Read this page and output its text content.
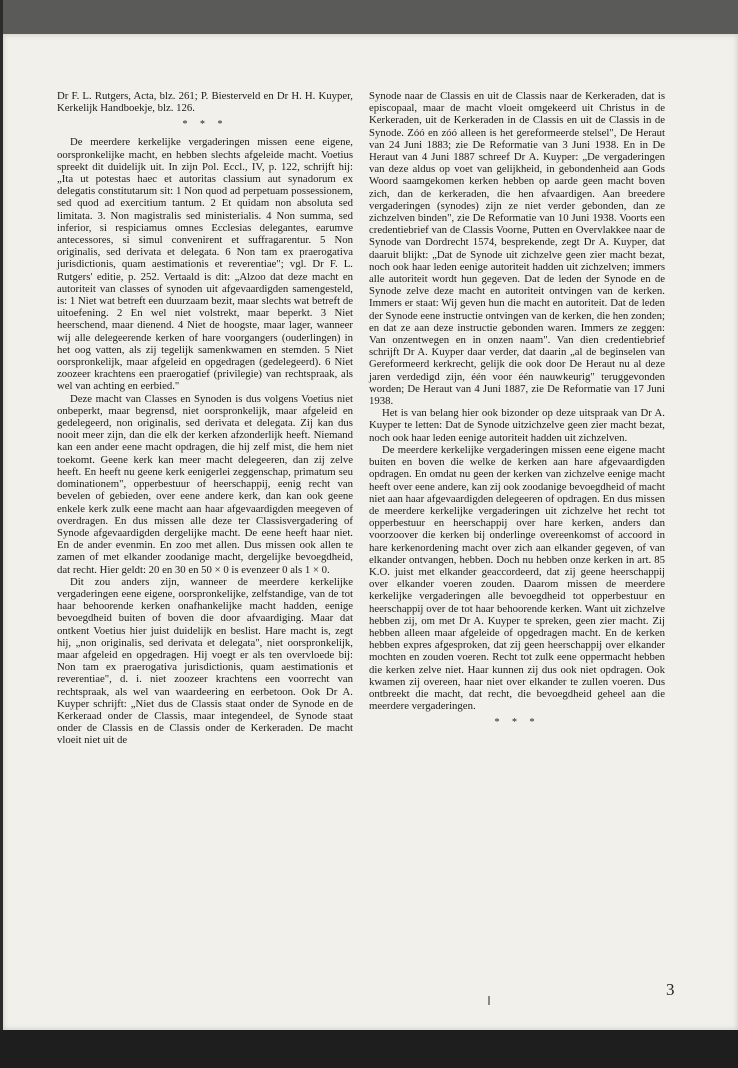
Dr F. L. Rutgers, Acta, blz. 261; P. Biesterveld en Dr H. H. Kuyper, Kerkelijk Handboekje, blz. 126.

* * *

De meerdere kerkelijke vergaderingen missen eene eigene, oorspronkelijke macht, en hebben slechts afgeleide macht. Voetius spreekt dit duidelijk uit. In zijn Pol. Eccl., IV, p. 122, schrijft hij: „Ita ut potestas haec et autoritas classium aut synadorum ex delegatis constitutarum sit: 1 Non quod ad perpetuam possessionem, sed quod ad exercitium tantum. 2 Et quidam non absoluta sed limitata. 3. Non magistralis sed ministerialis. 4 Non summa, sed inferior, si respiciamus omnes Ecclesias delegantes, earumve antecessores, si simul convenirent et suffragarentur. 5 Non originalis, sed derivata et delegata. 6 Non tam ex praerogativa jurisdictionis, quam aestimationis et reverentiae"; vgl. Dr F. L. Rutgers' editie, p. 252. Vertaald is dit: „Alzoo dat deze macht en autoriteit van classes of synoden uit afgevaardigden samengesteld, is: 1 Niet wat betreft een duurzaam bezit, maar slechts wat betreft de uitoefening. 2 En wel niet volstrekt, maar beperkt. 3 Niet heerschend, maar dienend. 4 Niet de hoogste, maar lager, wanneer wij alle delegeerende kerken of hare voorgangers (ouderlingen) in het oog vatten, als zij tegelijk samenkwamen en stemden. 5 Niet oorspronkelijk, maar afgeleid en opgedragen (gedelegeerd). 6 Niet zoozeer krachtens een praerogatief (privilegie) van rechtspraak, als wel van achting en eerbied."

Deze macht van Classes en Synoden is dus volgens Voetius niet onbeperkt, maar begrensd, niet oorspronkelijk, maar afgeleid en gedelegeerd, non originalis, sed derivata et delegata. Zij kan dus nooit meer zijn, dan die elk der kerken afzonderlijk heeft. Niemand kan een ander eene macht opdragen, die hij zelf mist, die hem niet toekomt. Geene kerk kan meer macht delegeeren, dan zij zelve heeft. En heeft nu geene kerk eenigerlei zeggenschap, primatum seu dominationem", opperbestuur of heerschappij, eenig recht van bevelen of gebieden, over eene andere kerk, dan kan ook geene enkele kerk zulk eene macht aan haar afgevaardigden meegeven of overdragen. En dus missen alle deze ter Classisvergadering of Synode afgevaardigden dergelijke macht. De eene heeft haar niet. En de ander evenmin. En zoo met allen. Dus missen ook allen te zamen of met elkander zoodanige macht, dergelijke bevoegdheid, dat recht. Hier geldt: 20 en 30 en 50 × 0 is evenzeer 0 als 1 × 0.

Dit zou anders zijn, wanneer de meerdere kerkelijke vergaderingen eene eigene, oorspronkelijke, zelfstandige, van de tot haar behoorende kerken onafhankelijke macht hadden, eenige bevoegdheid buiten of boven die door afvaardiging. Maar dat ontkent Voetius hier juist duidelijk en beslist. Hare macht is, zegt hij, „non originalis, sed derivata et delegata", niet oorspronkelijk, maar afgeleid en opgedragen. Hij voegt er als ten overvloede bij: Non tam ex praerogativa jurisdictionis, quam aestimationis et reverentiae", d. i. niet zoozeer krachtens een voorrecht van rechtspraak, als wel van waardeering en eerbetoon. Ook Dr A. Kuyper schrijft: „Niet dus de Classis staat onder de Synode en de Kerkeraad onder de Classis, maar integendeel, de Synode staat onder de Classis en de Classis onder de Kerkeraden. De macht vloeit niet uit de

Synode naar de Classis en uit de Classis naar de Kerkeraden, dat is episcopaal, maar de macht vloeit omgekeerd uit Christus in de Kerkeraden, uit de Kerkeraden in de Classis en uit de Classis in de Synode. Zóó en zóó alleen is het gereformeerde stelsel", De Heraut van 24 Juni 1883; zie De Reformatie van 3 Juni 1938. En in De Heraut van 4 Juni 1887 schreef Dr A. Kuyper: „De vergaderingen van deze aldus op voet van gelijkheid, in gebondenheid aan Gods Woord saamgekomen kerken hebben op aarde geen macht boven zich, dan de kerkeraden, die hen afvaardigen. Aan breedere vergaderingen (synodes) zijn ze niet verder gebonden, dan ze zichzelven binden", zie De Reformatie van 10 Juni 1938. Voorts een credentiebrief van de Classis Voorne, Putten en Overvlakkee naar de Synode van Dordrecht 1574, besprekende, zegt Dr A. Kuyper, dat daaruit blijkt: „Dat de Synode uit zichzelve geen zier macht bezat, noch ook haar leden eenige autoriteit hadden uit zichzelven; immers alle autoriteit wordt hun gegeven. Dat de leden der Synode en de Synode zelve deze macht en autoriteit ontvingen van de kerken. Immers er staat: Wij geven hun die macht en autoriteit. Dat de leden der Synode eene instructie ontvingen van de kerken, die hen zonden; en dat ze aan deze instructie gebonden waren. Immers ze zeggen: Van onzentwegen en in onzen naam". Van dien credentiebrief schrijft Dr A. Kuyper daar verder, dat daarin „al de beginselen van Gereformeerd kerkrecht, gelijk die ook door De Heraut nu al deze jaren verdedigd zijn, één voor één nauwkeurig" teruggevonden worden; De Heraut van 4 Juni 1887, zie De Reformatie van 17 Juni 1938.

Het is van belang hier ook bizonder op deze uitspraak van Dr A. Kuyper te letten: Dat de Synode uitzichzelve geen zier macht bezat, noch ook haar leden eenige autoriteit hadden uit zichzelven.

De meerdere kerkelijke vergaderingen missen eene eigene macht buiten en boven die welke de kerken aan hare afgevaardigden opdragen. En omdat nu geen der kerken van zichzelve eenige macht heeft over eene andere, kan zij ook zoodanige bevoegdheid of macht niet aan haar afgevaardigden delegeeren of opdragen. En dus missen de meerdere kerkelijke vergaderingen uit zichzelve het recht tot opperbestuur en heerschappij over hare kerken, anders dan voorzoover die kerken bij onderlinge overeenkomst of accoord in hare kerkenordening macht over zich aan elkander gegeven, of van elkander ontvangen, hebben. Doch nu hebben onze kerken in art. 85 K.O. juist met elkander geaccordeerd, dat zij geene heerschappij over elkander voeren zouden. Daarom missen de meerdere kerkelijke vergaderingen alle bevoegdheid tot opperbestuur en heerschappij over de tot haar behoorende kerken. Want uit zichzelve hebben zij, om met Dr A. Kuyper te spreken, geen zier macht. Zij hebben alleen maar afgeleide of opgedragen macht. En de kerken hebben expres afgesproken, dat zij geen heerschappij over elkander mochten en zouden voeren. Recht tot zulk eene oppermacht hebben die kerken zelve niet. Haar kunnen zij dus ook niet opdragen. Ook kwamen zij overeen, haar niet over elkander te zullen voeren. Dus ontbreekt die macht, dat recht, die bevoegdheid geheel aan die meerdere vergaderingen.

* * *
3
